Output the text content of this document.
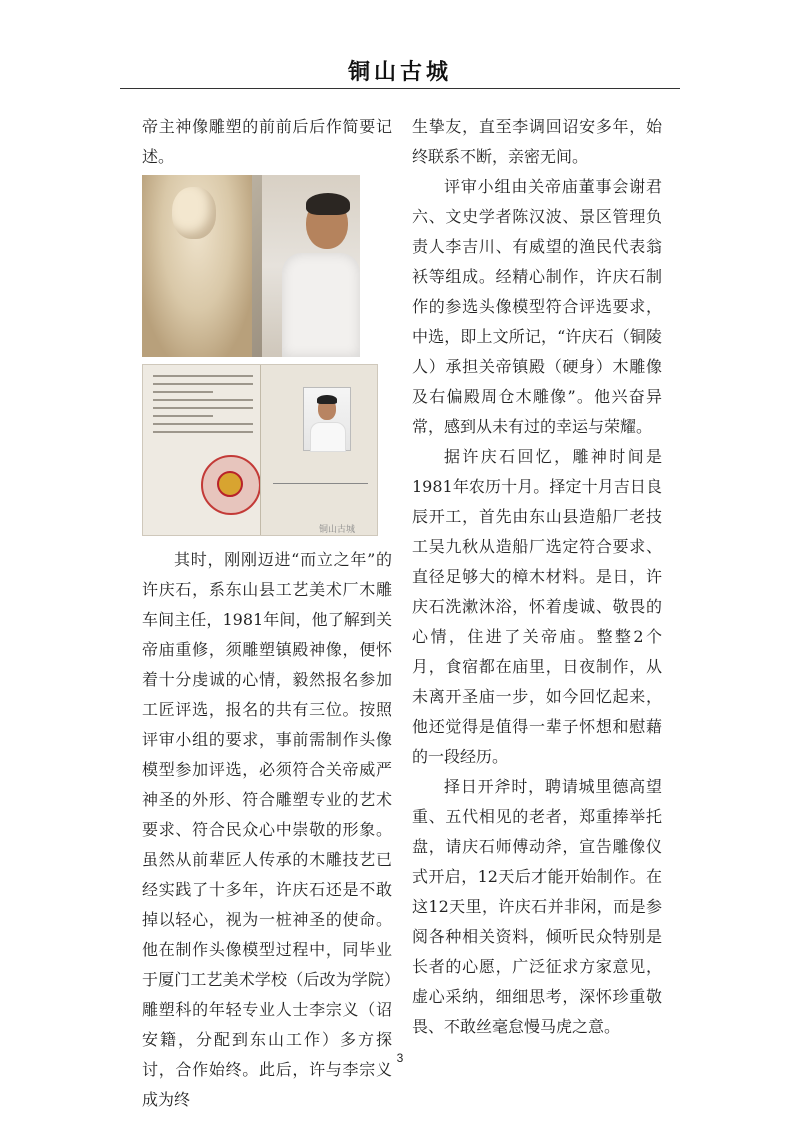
铜山古城

帝主神像雕塑的前前后后作简要记述。

铜山古城

其时，刚刚迈进“而立之年”的许庆石，系东山县工艺美术厂木雕车间主任，1981年间，他了解到关帝庙重修，须雕塑镇殿神像，便怀着十分虔诚的心情，毅然报名参加工匠评选，报名的共有三位。按照评审小组的要求，事前需制作头像模型参加评选，必须符合关帝威严神圣的外形、符合雕塑专业的艺术要求、符合民众心中崇敬的形象。虽然从前辈匠人传承的木雕技艺已经实践了十多年，许庆石还是不敢掉以轻心，视为一桩神圣的使命。他在制作头像模型过程中，同毕业于厦门工艺美术学校（后改为学院）雕塑科的年轻专业人士李宗义（诏安籍，分配到东山工作）多方探讨，合作始终。此后，许与李宗义成为终

生挚友，直至李调回诏安多年，始终联系不断，亲密无间。

评审小组由关帝庙董事会谢君六、文史学者陈汉波、景区管理负责人李吉川、有威望的渔民代表翁袄等组成。经精心制作，许庆石制作的参选头像模型符合评选要求，中选，即上文所记，“许庆石（铜陵人）承担关帝镇殿（硬身）木雕像及右偏殿周仓木雕像”。他兴奋异常，感到从未有过的幸运与荣耀。

据许庆石回忆，雕神时间是1981年农历十月。择定十月吉日良辰开工，首先由东山县造船厂老技工吴九秋从造船厂选定符合要求、直径足够大的樟木材料。是日，许庆石洗漱沐浴，怀着虔诚、敬畏的心情，住进了关帝庙。整整2个月，食宿都在庙里，日夜制作，从未离开圣庙一步，如今回忆起来，他还觉得是值得一辈子怀想和慰藉的一段经历。

择日开斧时，聘请城里德高望重、五代相见的老者，郑重捧举托盘，请庆石师傅动斧，宣告雕像仪式开启，12天后才能开始制作。在这12天里，许庆石并非闲，而是参阅各种相关资料，倾听民众特别是长者的心愿，广泛征求方家意见，虚心采纳，细细思考，深怀珍重敬畏、不敢丝毫怠慢马虎之意。

3
